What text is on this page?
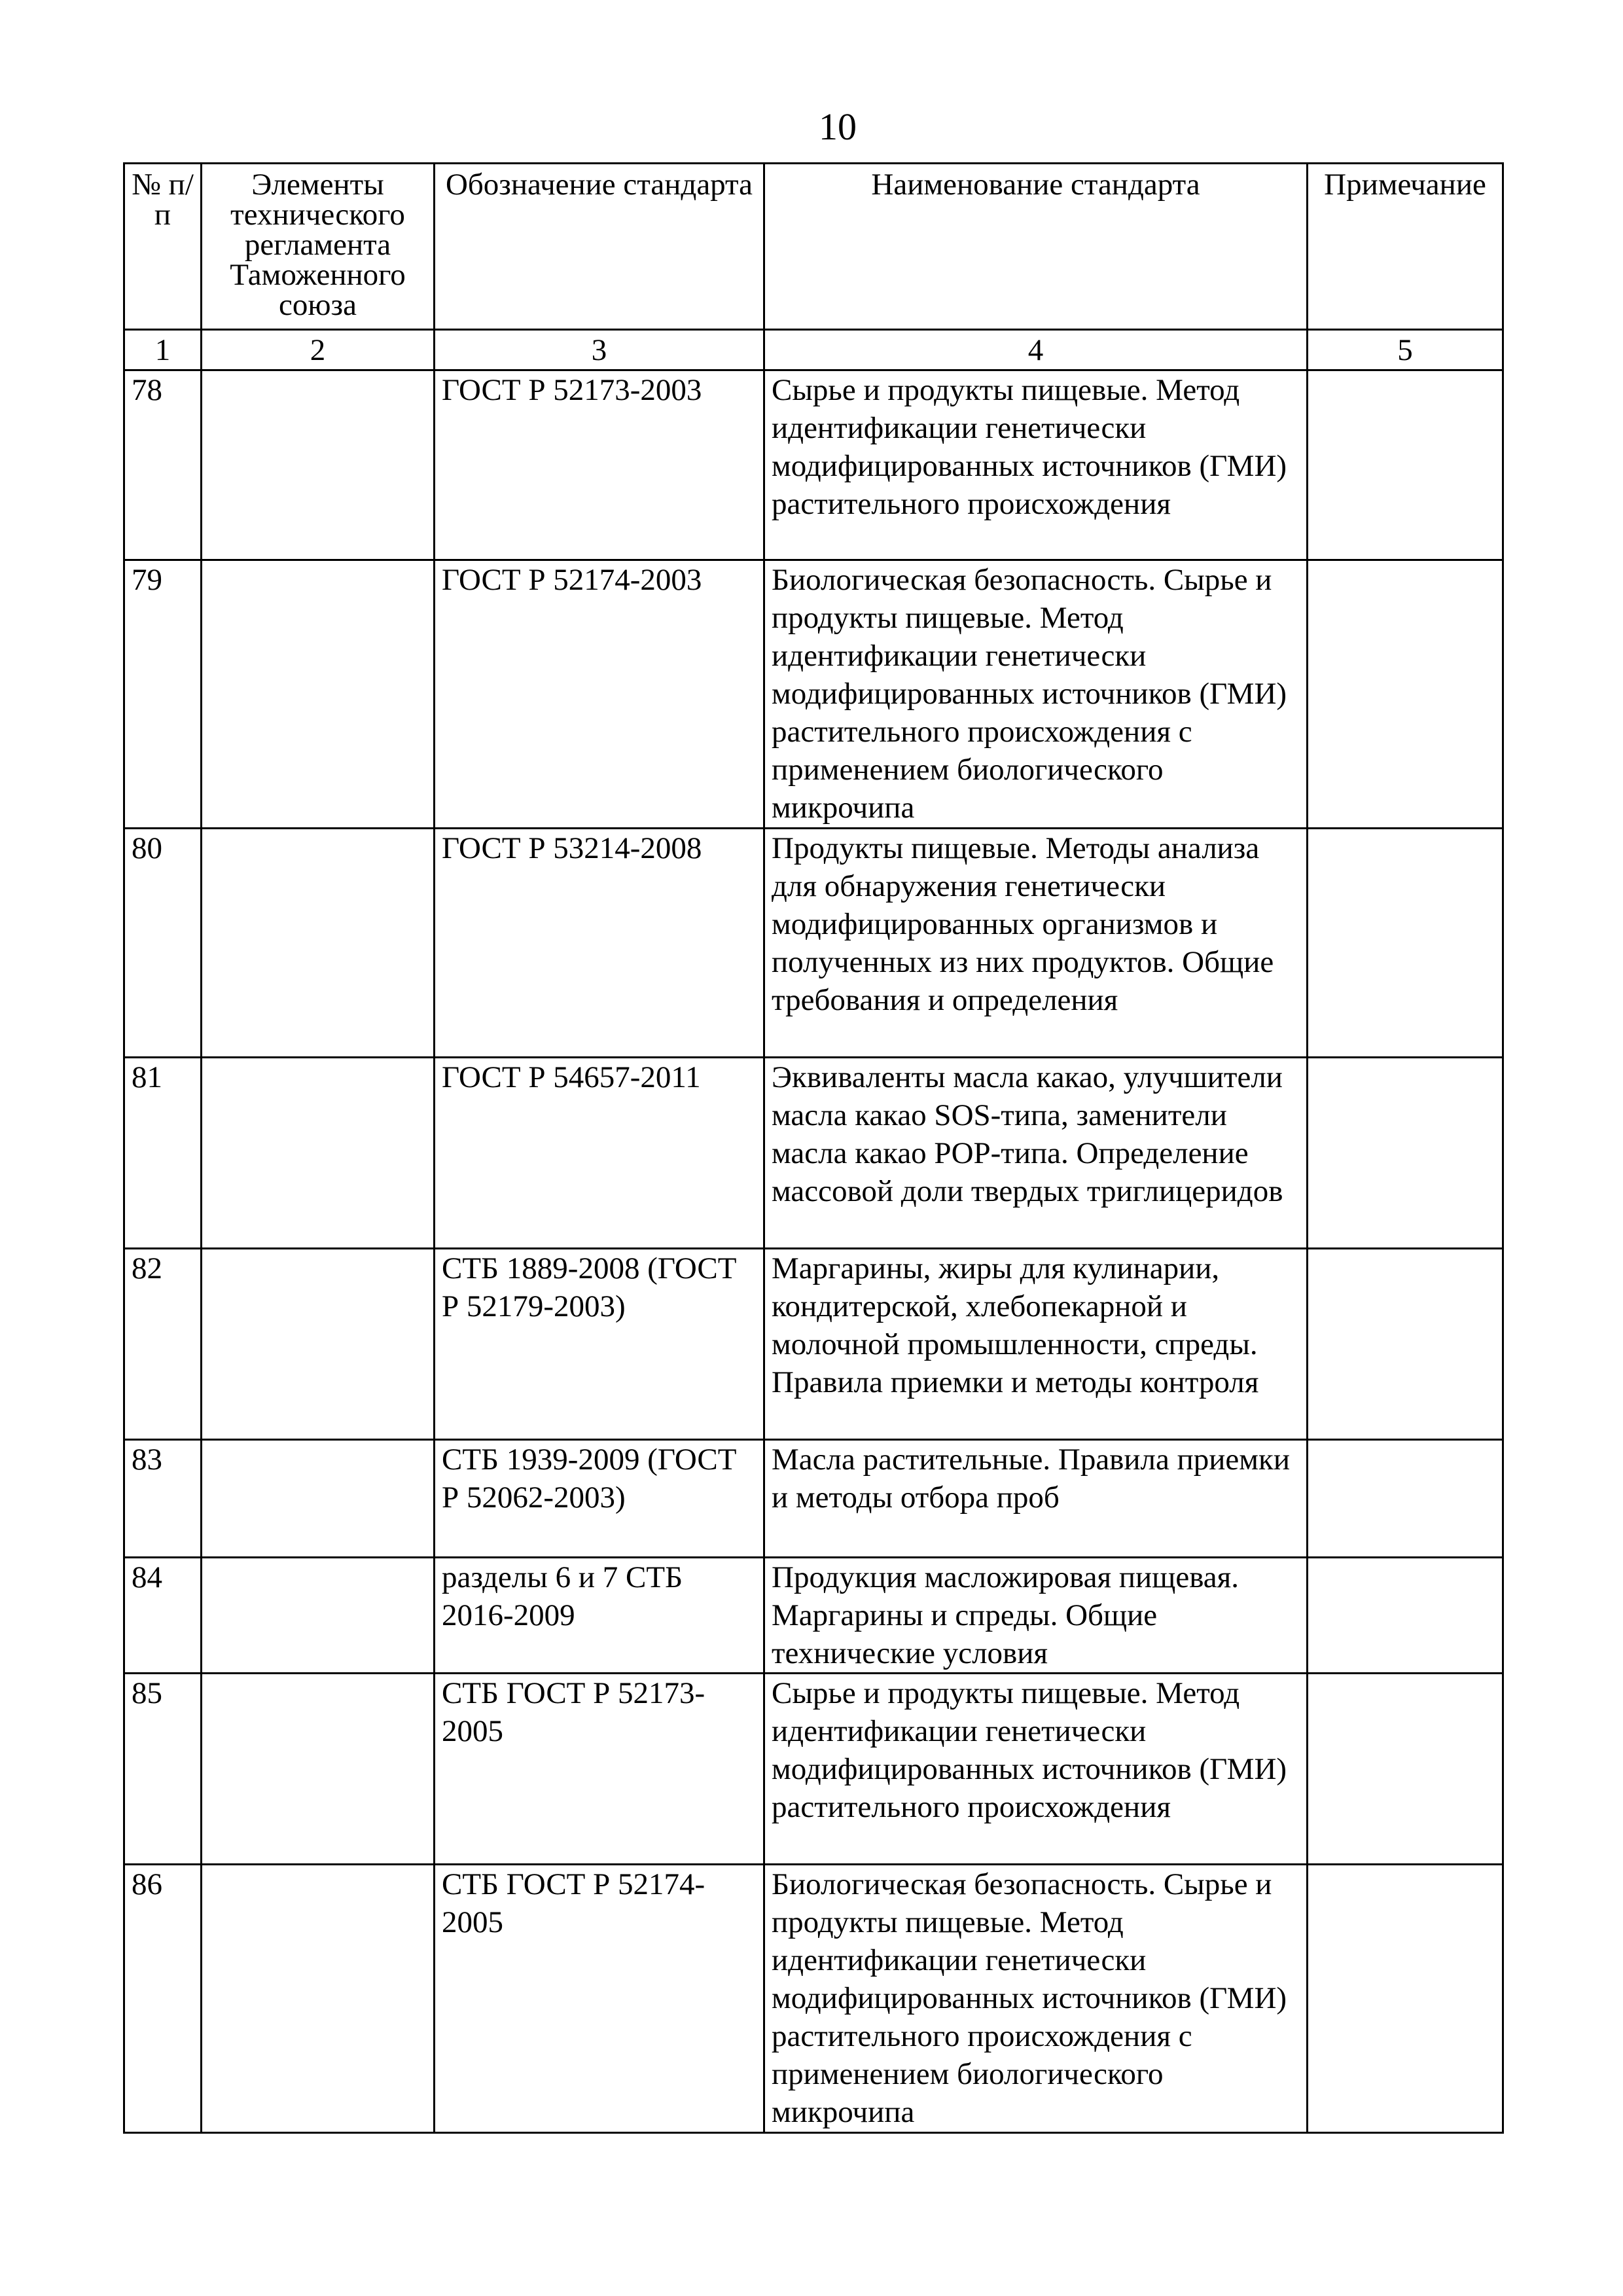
10
№ п/п	Элементы технического регламента Таможенного союза	Обозначение стандарта	Наименование стандарта	Примечание
1	2	3	4	5
78		ГОСТ Р 52173-2003	Сырье и продукты пищевые. Метод идентификации генетически модифицированных источников (ГМИ) растительного происхождения	
79		ГОСТ Р 52174-2003	Биологическая безопасность. Сырье и продукты пищевые. Метод идентификации генетически модифицированных источников (ГМИ) растительного происхождения с применением биологического микрочипа	
80		ГОСТ Р 53214-2008	Продукты пищевые. Методы анализа для обнаружения генетически модифицированных организмов и полученных из них продуктов. Общие требования и определения	
81		ГОСТ Р 54657-2011	Эквиваленты масла какао, улучшители масла какао SOS-типа, заменители масла какао POP-типа. Определение массовой доли твердых триглицеридов	
82		СТБ 1889-2008 (ГОСТ Р 52179-2003)	Маргарины, жиры для кулинарии, кондитерской, хлебопекарной и молочной промышленности, спреды. Правила приемки и методы контроля	
83		СТБ 1939-2009 (ГОСТ Р 52062-2003)	Масла растительные. Правила приемки и методы отбора проб	
84		разделы 6 и 7 СТБ 2016-2009	Продукция масложировая пищевая. Маргарины и спреды. Общие технические условия	
85		СТБ ГОСТ Р 52173-2005	Сырье и продукты пищевые. Метод идентификации генетически модифицированных источников (ГМИ) растительного происхождения	
86		СТБ ГОСТ Р 52174-2005	Биологическая безопасность. Сырье и продукты пищевые. Метод идентификации генетически модифицированных источников (ГМИ) растительного происхождения с применением биологического микрочипа	
